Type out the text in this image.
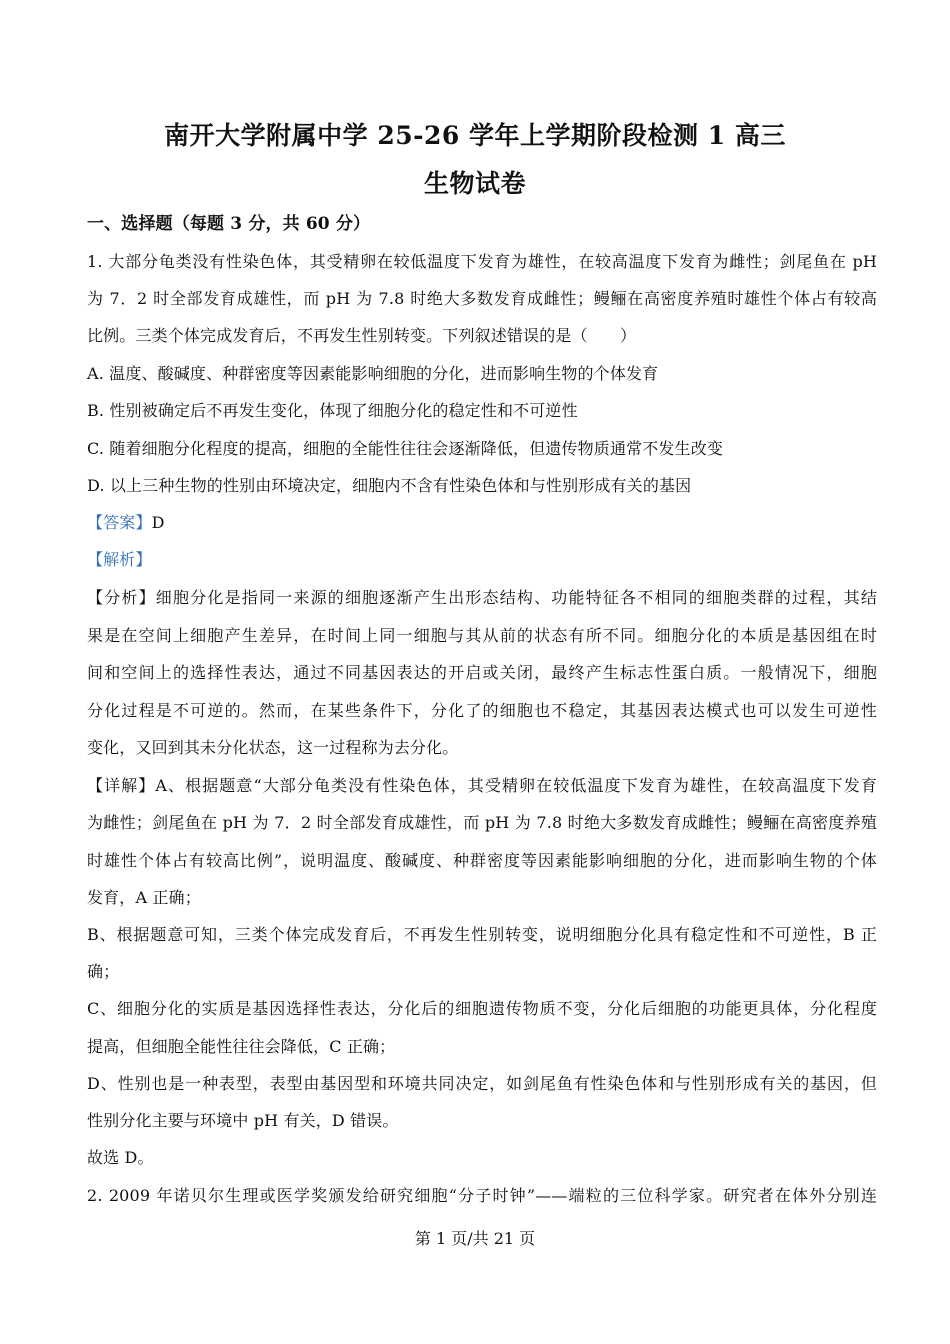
南开大学附属中学 25-26 学年上学期阶段检测 1 高三
生物试卷
一、选择题（每题 3 分，共 60 分）
1. 大部分龟类没有性染色体，其受精卵在较低温度下发育为雄性，在较高温度下发育为雌性；剑尾鱼在 pH
为 7．2 时全部发育成雄性，而 pH 为 7.8 时绝大多数发育成雌性；鳗鲡在高密度养殖时雄性个体占有较高
比例。三类个体完成发育后，不再发生性别转变。下列叙述错误的是（　　）
A. 温度、酸碱度、种群密度等因素能影响细胞的分化，进而影响生物的个体发育
B. 性别被确定后不再发生变化，体现了细胞分化的稳定性和不可逆性
C. 随着细胞分化程度的提高，细胞的全能性往往会逐渐降低，但遗传物质通常不发生改变
D. 以上三种生物的性别由环境决定，细胞内不含有性染色体和与性别形成有关的基因
【答案】D
【解析】
【分析】细胞分化是指同一来源的细胞逐渐产生出形态结构、功能特征各不相同的细胞类群的过程，其结
果是在空间上细胞产生差异，在时间上同一细胞与其从前的状态有所不同。细胞分化的本质是基因组在时
间和空间上的选择性表达，通过不同基因表达的开启或关闭，最终产生标志性蛋白质。一般情况下，细胞
分化过程是不可逆的。然而，在某些条件下，分化了的细胞也不稳定，其基因表达模式也可以发生可逆性
变化，又回到其未分化状态，这一过程称为去分化。
【详解】A、根据题意“大部分龟类没有性染色体，其受精卵在较低温度下发育为雄性，在较高温度下发育
为雌性；剑尾鱼在 pH 为 7．2 时全部发育成雄性，而 pH 为 7.8 时绝大多数发育成雌性；鳗鲡在高密度养殖
时雄性个体占有较高比例”，说明温度、酸碱度、种群密度等因素能影响细胞的分化，进而影响生物的个体
发育，A 正确；
B、根据题意可知，三类个体完成发育后，不再发生性别转变，说明细胞分化具有稳定性和不可逆性，B 正
确；
C、细胞分化的实质是基因选择性表达，分化后的细胞遗传物质不变，分化后细胞的功能更具体，分化程度
提高，但细胞全能性往往会降低，C 正确；
D、性别也是一种表型，表型由基因型和环境共同决定，如剑尾鱼有性染色体和与性别形成有关的基因，但
性别分化主要与环境中 pH 有关，D 错误。
故选 D。
2. 2009 年诺贝尔生理或医学奖颁发给研究细胞“分子时钟”——端粒的三位科学家。研究者在体外分别连
第 1 页/共 21 页
